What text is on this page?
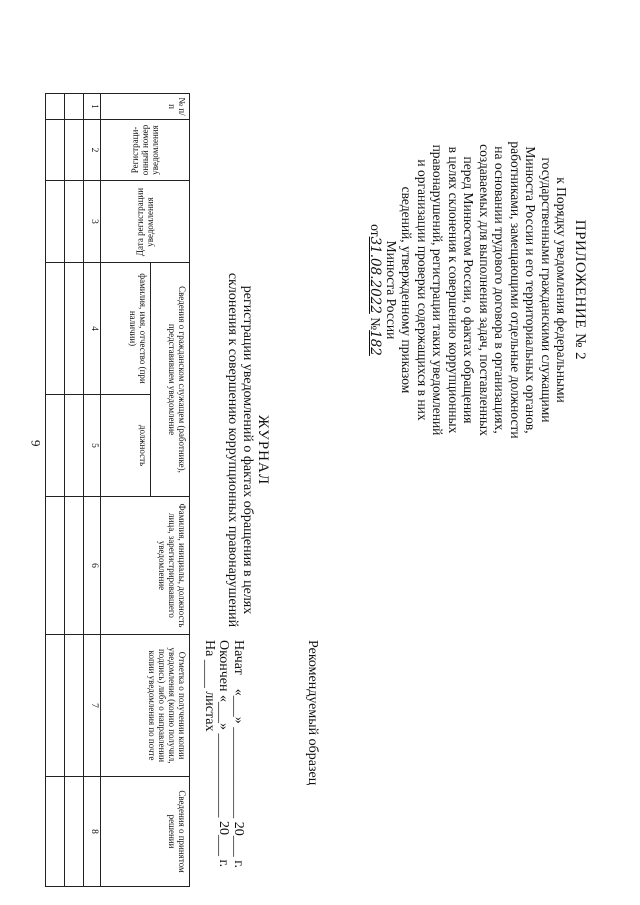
6
ПРИЛОЖЕНИЕ № 2
к Порядку уведомления федеральными
государственными гражданскими служащими
Минюста России и его территориальных органов,
работниками, замещающими отдельные должности
на основании трудового договора в организациях,
создаваемых для выполнения задач, поставленных
перед Минюстом России, о фактах обращения
в целях склонения к совершению коррупционных
правонарушений, регистрации таких уведомлений
и организации проверки содержащихся в них
сведений, утвержденному приказом
Минюста России
от31.08.2022 №182
Рекомендуемый образец
ЖУРНАЛ
регистрации уведомлений о фактах обращения в целях
склонения к совершению коррупционных правонарушений
Начат    «___» _____________ 20___ г.
Окончен «___» ____________ 20___ г.
На ____ листах
№ п/п	Регистраци-онный номер уведомления	Дата регистрации уведомления	Сведения о гражданском служащем (работнике), представившем уведомление		Фамилия, инициалы, должность лица, зарегистрировавшего уведомление	Отметка о получении копии уведомления (копию получил, подпись) либо о направлении копии уведомления по почте	Сведения о принятом решении
			фамилия, имя, отчество (при наличии)	должность			
1	2	3	4	5	6	7	8
